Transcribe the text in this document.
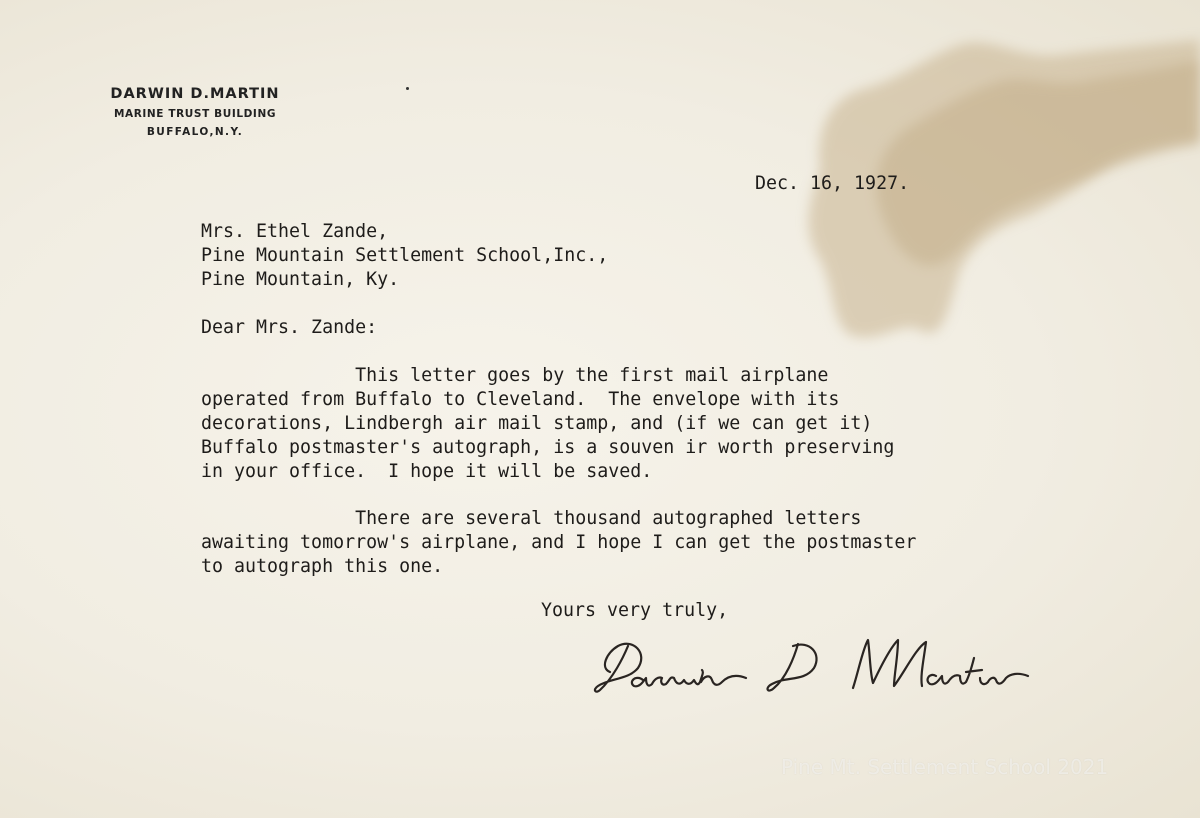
DARWIN D.MARTIN
MARINE TRUST BUILDING
BUFFALO,N.Y.
Dec. 16, 1927.
Mrs. Ethel Zande,
Pine Mountain Settlement School,Inc.,
Pine Mountain, Ky.
Dear Mrs. Zande:
This letter goes by the first mail airplane
operated from Buffalo to Cleveland.  The envelope with its
decorations, Lindbergh air mail stamp, and (if we can get it)
Buffalo postmaster's autograph, is a souven ir worth preserving
in your office.  I hope it will be saved.
There are several thousand autographed letters
awaiting tomorrow's airplane, and I hope I can get the postmaster
to autograph this one.
Yours very truly,
Pine Mt. Settlement School 2021
